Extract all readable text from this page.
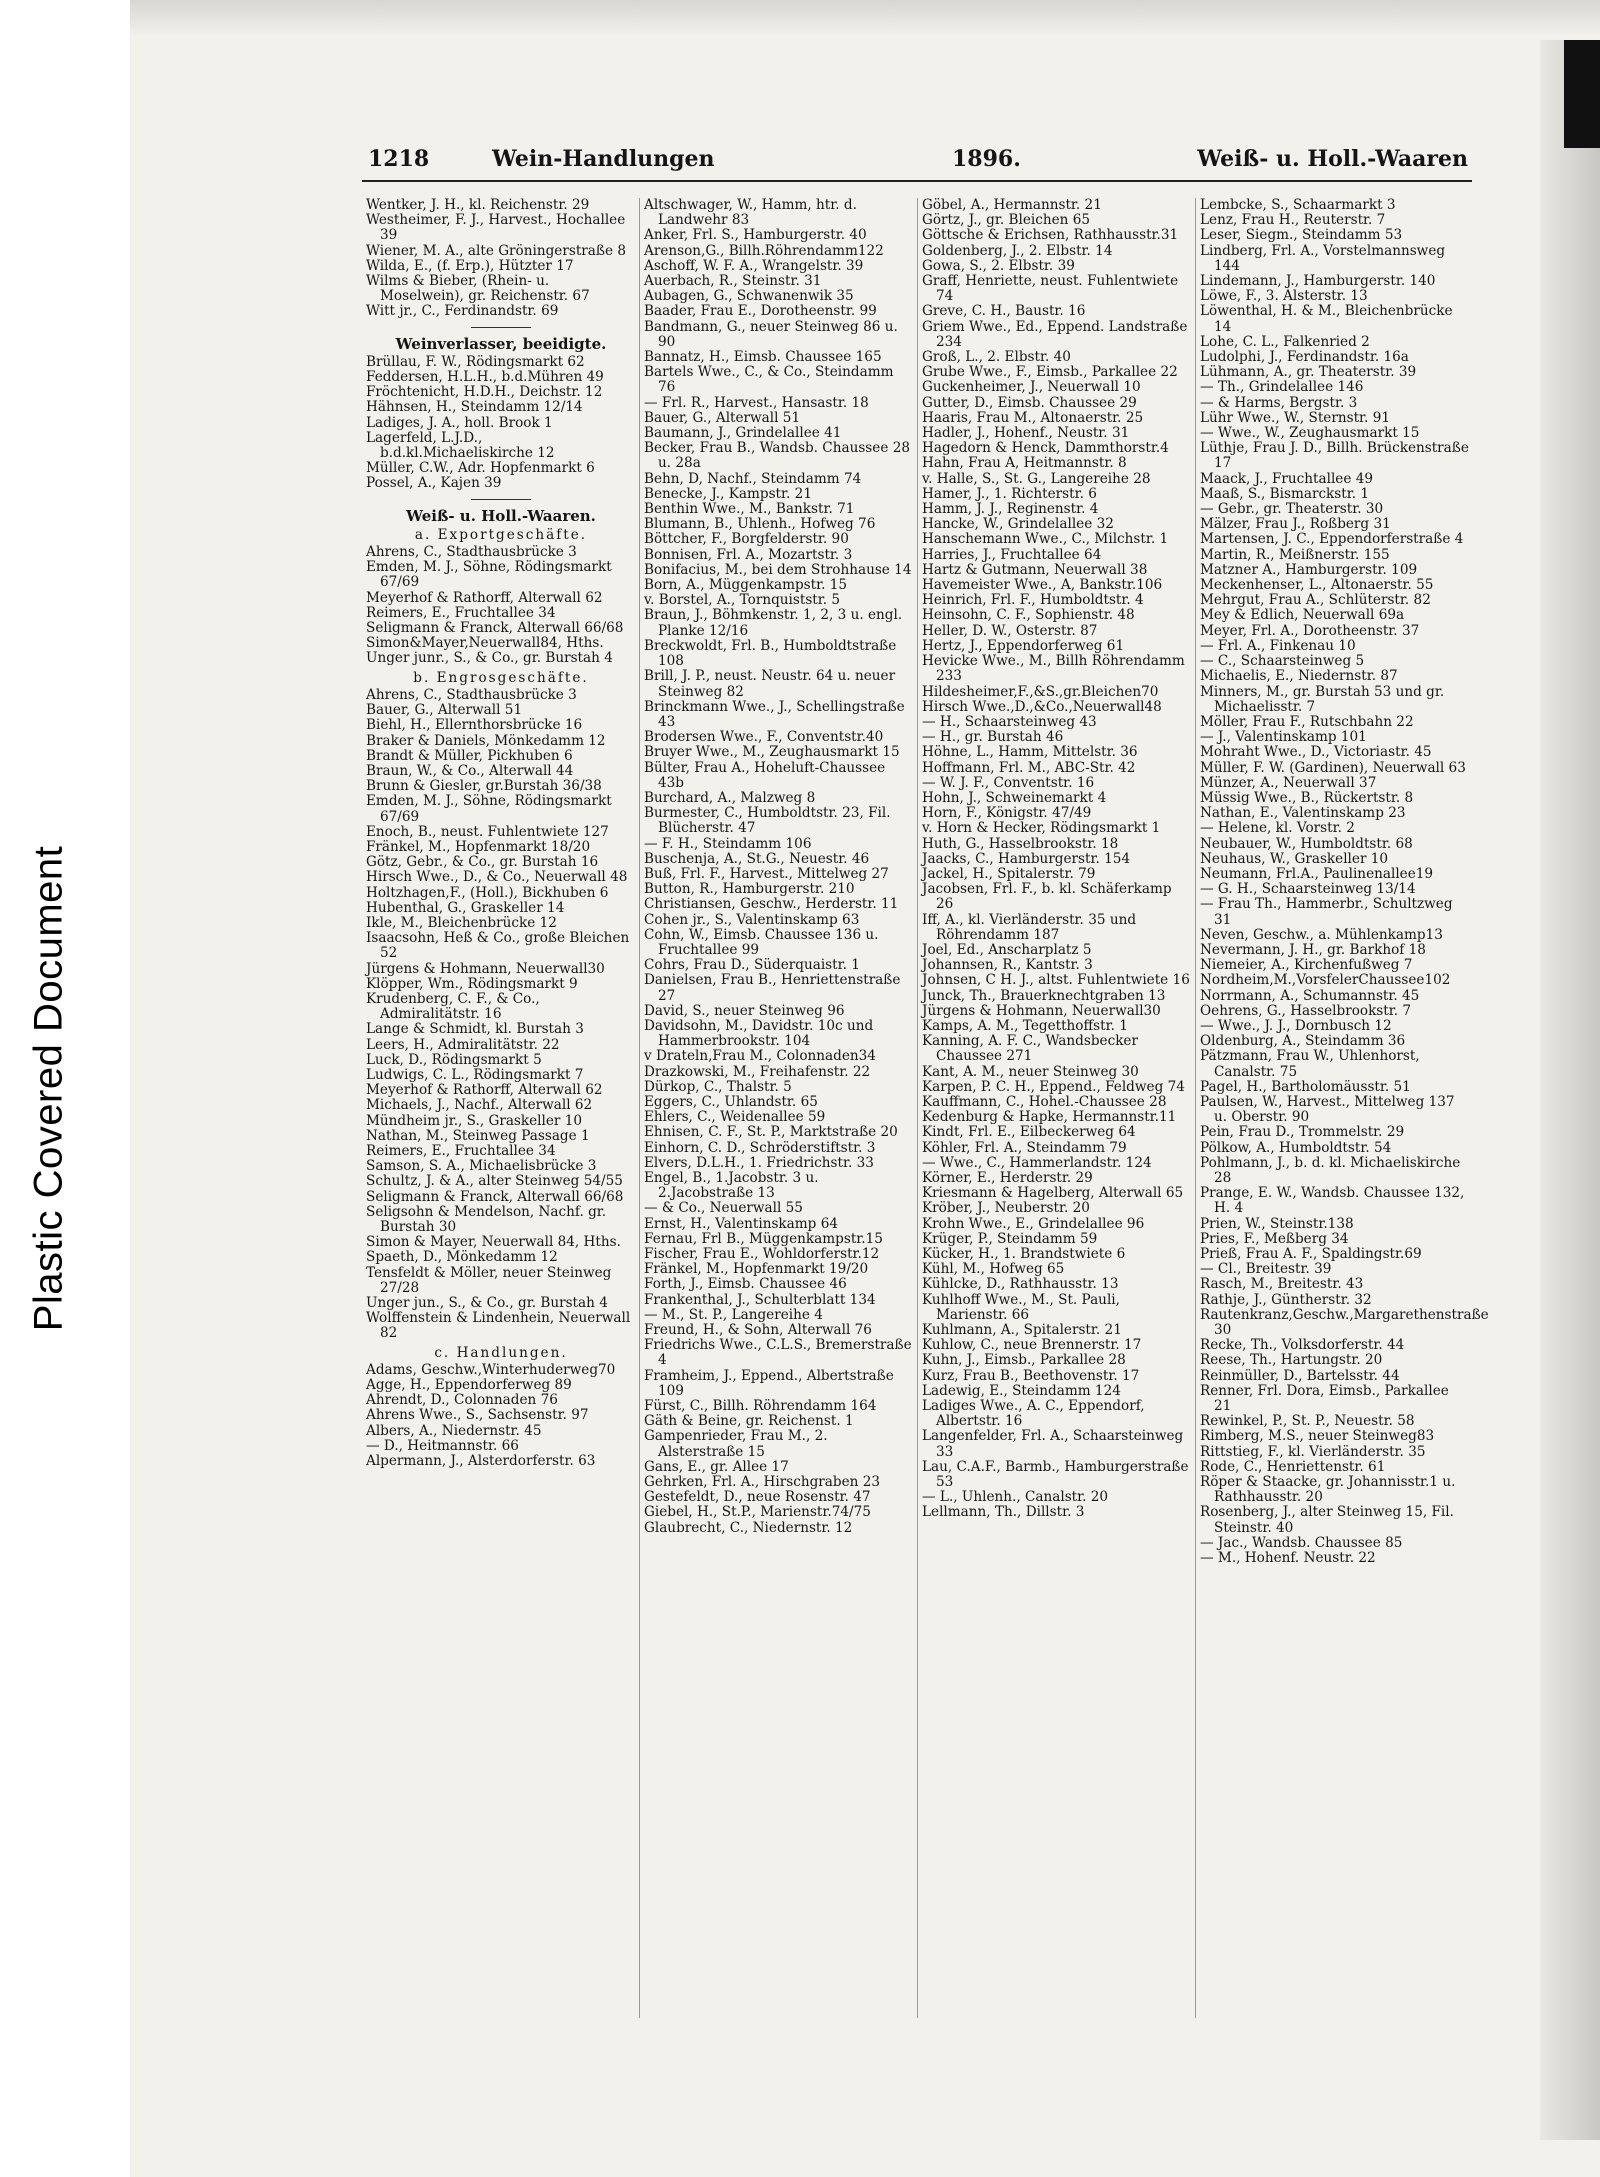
Plastic Covered Document
1218	Wein-Handlungen	1896.	Weiß- u. Holl.-Waaren

Wentker, J. H., kl. Reichenstr. 29

Westheimer, F. J., Harvest., Hochallee 39

Wiener, M. A., alte Gröningerstraße 8

Wilda, E., (f. Erp.), Hützter 17

Wilms & Bieber, (Rhein- u. Moselwein), gr. Reichenstr. 67

Witt jr., C., Ferdinandstr. 69

Weinverlasser, beeidigte.

Brüllau, F. W., Rödingsmarkt 62

Feddersen, H.L.H., b.d.Mühren 49

Fröchtenicht, H.D.H., Deichstr. 12

Hähnsen, H., Steindamm 12/14

Ladiges, J. A., holl. Brook 1

Lagerfeld, L.J.D., b.d.kl.Michaeliskirche 12

Müller, C.W., Adr. Hopfenmarkt 6

Possel, A., Kajen 39

Weiß- u. Holl.-Waaren.

a. Exportgeschäfte.

Ahrens, C., Stadthausbrücke 3

Emden, M. J., Söhne, Rödingsmarkt 67/69

Meyerhof & Rathorff, Alterwall 62

Reimers, E., Fruchtallee 34

Seligmann & Franck, Alterwall 66/68

Simon&Mayer,Neuerwall84, Hths.

Unger junr., S., & Co., gr. Burstah 4

b. Engrosgeschäfte.

Ahrens, C., Stadthausbrücke 3

Bauer, G., Alterwall 51

Biehl, H., Ellernthorsbrücke 16

Braker & Daniels, Mönkedamm 12

Brandt & Müller, Pickhuben 6

Braun, W., & Co., Alterwall 44

Brunn & Giesler, gr.Burstah 36/38

Emden, M. J., Söhne, Rödingsmarkt 67/69

Enoch, B., neust. Fuhlentwiete 127

Fränkel, M., Hopfenmarkt 18/20

Götz, Gebr., & Co., gr. Burstah 16

Hirsch Wwe., D., & Co., Neuerwall 48

Holtzhagen,F., (Holl.), Bickhuben 6

Hubenthal, G., Graskeller 14

Ikle, M., Bleichenbrücke 12

Isaacsohn, Heß & Co., große Bleichen 52

Jürgens & Hohmann, Neuerwall30

Klöpper, Wm., Rödingsmarkt 9

Krudenberg, C. F., & Co., Admiralitätstr. 16

Lange & Schmidt, kl. Burstah 3

Leers, H., Admiralitätstr. 22

Luck, D., Rödingsmarkt 5

Ludwigs, C. L., Rödingsmarkt 7

Meyerhof & Rathorff, Alterwall 62

Michaels, J., Nachf., Alterwall 62

Mündheim jr., S., Graskeller 10

Nathan, M., Steinweg Passage 1

Reimers, E., Fruchtallee 34

Samson, S. A., Michaelisbrücke 3

Schultz, J. & A., alter Steinweg 54/55

Seligmann & Franck, Alterwall 66/68

Seligsohn & Mendelson, Nachf. gr. Burstah 30

Simon & Mayer, Neuerwall 84, Hths.

Spaeth, D., Mönkedamm 12

Tensfeldt & Möller, neuer Steinweg 27/28

Unger jun., S., & Co., gr. Burstah 4

Wolffenstein & Lindenhein, Neuerwall 82

c. Handlungen.

Adams, Geschw.,Winterhuderweg70

Agge, H., Eppendorferweg 89

Ahrendt, D., Colonnaden 76

Ahrens Wwe., S., Sachsenstr. 97

Albers, A., Niedernstr. 45

— D., Heitmannstr. 66

Alpermann, J., Alsterdorferstr. 63

Altschwager, W., Hamm, htr. d. Landwehr 83

Anker, Frl. S., Hamburgerstr. 40

Arenson,G., Billh.Röhrendamm122

Aschoff, W. F. A., Wrangelstr. 39

Auerbach, R., Steinstr. 31

Aubagen, G., Schwanenwik 35

Baader, Frau E., Dorotheenstr. 99

Bandmann, G., neuer Steinweg 86 u. 90

Bannatz, H., Eimsb. Chaussee 165

Bartels Wwe., C., & Co., Steindamm 76

— Frl. R., Harvest., Hansastr. 18

Bauer, G., Alterwall 51

Baumann, J., Grindelallee 41

Becker, Frau B., Wandsb. Chaussee 28 u. 28a

Behn, D, Nachf., Steindamm 74

Benecke, J., Kampstr. 21

Benthin Wwe., M., Bankstr. 71

Blumann, B., Uhlenh., Hofweg 76

Böttcher, F., Borgfelderstr. 90

Bonnisen, Frl. A., Mozartstr. 3

Bonifacius, M., bei dem Strohhause 14

Born, A., Müggenkampstr. 15

v. Borstel, A., Tornquiststr. 5

Braun, J., Böhmkenstr. 1, 2, 3 u. engl. Planke 12/16

Breckwoldt, Frl. B., Humboldtstraße 108

Brill, J. P., neust. Neustr. 64 u. neuer Steinweg 82

Brinckmann Wwe., J., Schellingstraße 43

Brodersen Wwe., F., Conventstr.40

Bruyer Wwe., M., Zeughausmarkt 15

Bülter, Frau A., Hoheluft-Chaussee 43b

Burchard, A., Malzweg 8

Burmester, C., Humboldtstr. 23, Fil. Blücherstr. 47

— F. H., Steindamm 106

Buschenja, A., St.G., Neuestr. 46

Buß, Frl. F., Harvest., Mittelweg 27

Button, R., Hamburgerstr. 210

Christiansen, Geschw., Herderstr. 11

Cohen jr., S., Valentinskamp 63

Cohn, W., Eimsb. Chaussee 136 u. Fruchtallee 99

Cohrs, Frau D., Süderquaistr. 1

Danielsen, Frau B., Henriettenstraße 27

David, S., neuer Steinweg 96

Davidsohn, M., Davidstr. 10c und Hammerbrookstr. 104

v Drateln,Frau M., Colonnaden34

Drazkowski, M., Freihafenstr. 22

Dürkop, C., Thalstr. 5

Eggers, C., Uhlandstr. 65

Ehlers, C., Weidenallee 59

Ehnisen, C. F., St. P., Marktstraße 20

Einhorn, C. D., Schröderstiftstr. 3

Elvers, D.L.H., 1. Friedrichstr. 33

Engel, B., 1.Jacobstr. 3 u. 2.Jacobstraße 13

— & Co., Neuerwall 55

Ernst, H., Valentinskamp 64

Fernau, Frl B., Müggenkampstr.15

Fischer, Frau E., Wohldorferstr.12

Fränkel, M., Hopfenmarkt 19/20

Forth, J., Eimsb. Chaussee 46

Frankenthal, J., Schulterblatt 134

— M., St. P., Langereihe 4

Freund, H., & Sohn, Alterwall 76

Friedrichs Wwe., C.L.S., Bremerstraße 4

Framheim, J., Eppend., Albertstraße 109

Fürst, C., Billh. Röhrendamm 164

Gäth & Beine, gr. Reichenst. 1

Gampenrieder, Frau M., 2. Alsterstraße 15

Gans, E., gr. Allee 17

Gehrken, Frl. A., Hirschgraben 23

Gestefeldt, D., neue Rosenstr. 47

Giebel, H., St.P., Marienstr.74/75

Glaubrecht, C., Niedernstr. 12

Göbel, A., Hermannstr. 21

Görtz, J., gr. Bleichen 65

Göttsche & Erichsen, Rathhausstr.31

Goldenberg, J., 2. Elbstr. 14

Gowa, S., 2. Elbstr. 39

Graff, Henriette, neust. Fuhlentwiete 74

Greve, C. H., Baustr. 16

Griem Wwe., Ed., Eppend. Landstraße 234

Groß, L., 2. Elbstr. 40

Grube Wwe., F., Eimsb., Parkallee 22

Guckenheimer, J., Neuerwall 10

Gutter, D., Eimsb. Chaussee 29

Haaris, Frau M., Altonaerstr. 25

Hadler, J., Hohenf., Neustr. 31

Hagedorn & Henck, Dammthorstr.4

Hahn, Frau A, Heitmannstr. 8

v. Halle, S., St. G., Langereihe 28

Hamer, J., 1. Richterstr. 6

Hamm, J. J., Reginenstr. 4

Hancke, W., Grindelallee 32

Hanschemann Wwe., C., Milchstr. 1

Harries, J., Fruchtallee 64

Hartz & Gutmann, Neuerwall 38

Havemeister Wwe., A, Bankstr.106

Heinrich, Frl. F., Humboldtstr. 4

Heinsohn, C. F., Sophienstr. 48

Heller, D. W., Osterstr. 87

Hertz, J., Eppendorferweg 61

Hevicke Wwe., M., Billh Röhrendamm 233

Hildesheimer,F.,&S.,gr.Bleichen70

Hirsch Wwe.,D.,&Co.,Neuerwall48

— H., Schaarsteinweg 43

— H., gr. Burstah 46

Höhne, L., Hamm, Mittelstr. 36

Hoffmann, Frl. M., ABC-Str. 42

— W. J. F., Conventstr. 16

Hohn, J., Schweinemarkt 4

Horn, F., Königstr. 47/49

v. Horn & Hecker, Rödingsmarkt 1

Huth, G., Hasselbrookstr. 18

Jaacks, C., Hamburgerstr. 154

Jackel, H., Spitalerstr. 79

Jacobsen, Frl. F., b. kl. Schäferkamp 26

Iff, A., kl. Vierländerstr. 35 und Röhrendamm 187

Joel, Ed., Anscharplatz 5

Johannsen, R., Kantstr. 3

Johnsen, C H. J., altst. Fuhlentwiete 16

Junck, Th., Brauerknechtgraben 13

Jürgens & Hohmann, Neuerwall30

Kamps, A. M., Tegetthoffstr. 1

Kanning, A. F. C., Wandsbecker Chaussee 271

Kant, A. M., neuer Steinweg 30

Karpen, P. C. H., Eppend., Feldweg 74

Kauffmann, C., Hohel.-Chaussee 28

Kedenburg & Hapke, Hermannstr.11

Kindt, Frl. E., Eilbeckerweg 64

Köhler, Frl. A., Steindamm 79

— Wwe., C., Hammerlandstr. 124

Körner, E., Herderstr. 29

Kriesmann & Hagelberg, Alterwall 65

Kröber, J., Neuberstr. 20

Krohn Wwe., E., Grindelallee 96

Krüger, P., Steindamm 59

Kücker, H., 1. Brandstwiete 6

Kühl, M., Hofweg 65

Kühlcke, D., Rathhausstr. 13

Kuhlhoff Wwe., M., St. Pauli, Marienstr. 66

Kuhlmann, A., Spitalerstr. 21

Kuhlow, C., neue Brennerstr. 17

Kuhn, J., Eimsb., Parkallee 28

Kurz, Frau B., Beethovenstr. 17

Ladewig, E., Steindamm 124

Ladiges Wwe., A. C., Eppendorf, Albertstr. 16

Langenfelder, Frl. A., Schaarsteinweg 33

Lau, C.A.F., Barmb., Hamburgerstraße 53

— L., Uhlenh., Canalstr. 20

Lellmann, Th., Dillstr. 3

Lembcke, S., Schaarmarkt 3

Lenz, Frau H., Reuterstr. 7

Leser, Siegm., Steindamm 53

Lindberg, Frl. A., Vorstelmannsweg 144

Lindemann, J., Hamburgerstr. 140

Löwe, F., 3. Alsterstr. 13

Löwenthal, H. & M., Bleichenbrücke 14

Lohe, C. L., Falkenried 2

Ludolphi, J., Ferdinandstr. 16a

Lühmann, A., gr. Theaterstr. 39

— Th., Grindelallee 146

— & Harms, Bergstr. 3

Lühr Wwe., W., Sternstr. 91

— Wwe., W., Zeughausmarkt 15

Lüthje, Frau J. D., Billh. Brückenstraße 17

Maack, J., Fruchtallee 49

Maaß, S., Bismarckstr. 1

— Gebr., gr. Theaterstr. 30

Mälzer, Frau J., Roßberg 31

Martensen, J. C., Eppendorferstraße 4

Martin, R., Meißnerstr. 155

Matzner A., Hamburgerstr. 109

Meckenhenser, L., Altonaerstr. 55

Mehrgut, Frau A., Schlüterstr. 82

Mey & Edlich, Neuerwall 69a

Meyer, Frl. A., Dorotheenstr. 37

— Frl. A., Finkenau 10

— C., Schaarsteinweg 5

Michaelis, E., Niedernstr. 87

Minners, M., gr. Burstah 53 und gr. Michaelisstr. 7

Möller, Frau F., Rutschbahn 22

— J., Valentinskamp 101

Mohraht Wwe., D., Victoriastr. 45

Müller, F. W. (Gardinen), Neuerwall 63

Münzer, A., Neuerwall 37

Müssig Wwe., B., Rückertstr. 8

Nathan, E., Valentinskamp 23

— Helene, kl. Vorstr. 2

Neubauer, W., Humboldtstr. 68

Neuhaus, W., Graskeller 10

Neumann, Frl.A., Paulinenallee19

— G. H., Schaarsteinweg 13/14

— Frau Th., Hammerbr., Schultzweg 31

Neven, Geschw., a. Mühlenkamp13

Nevermann, J. H., gr. Barkhof 18

Niemeier, A., Kirchenfußweg 7

Nordheim,M.,VorsfelerChaussee102

Norrmann, A., Schumannstr. 45

Oehrens, G., Hasselbrookstr. 7

— Wwe., J. J., Dornbusch 12

Oldenburg, A., Steindamm 36

Pätzmann, Frau W., Uhlenhorst, Canalstr. 75

Pagel, H., Bartholomäusstr. 51

Paulsen, W., Harvest., Mittelweg 137 u. Oberstr. 90

Pein, Frau D., Trommelstr. 29

Pölkow, A., Humboldtstr. 54

Pohlmann, J., b. d. kl. Michaeliskirche 28

Prange, E. W., Wandsb. Chaussee 132, H. 4

Prien, W., Steinstr.138

Pries, F., Meßberg 34

Prieß, Frau A. F., Spaldingstr.69

— Cl., Breitestr. 39

Rasch, M., Breitestr. 43

Rathje, J., Güntherstr. 32

Rautenkranz,Geschw.,Margarethenstraße 30

Recke, Th., Volksdorferstr. 44

Reese, Th., Hartungstr. 20

Reinmüller, D., Bartelsstr. 44

Renner, Frl. Dora, Eimsb., Parkallee 21

Rewinkel, P., St. P., Neuestr. 58

Rimberg, M.S., neuer Steinweg83

Rittstieg, F., kl. Vierländerstr. 35

Rode, C., Henriettenstr. 61

Röper & Staacke, gr. Johannisstr.1 u. Rathhausstr. 20

Rosenberg, J., alter Steinweg 15, Fil. Steinstr. 40

— Jac., Wandsb. Chaussee 85

— M., Hohenf. Neustr. 22
